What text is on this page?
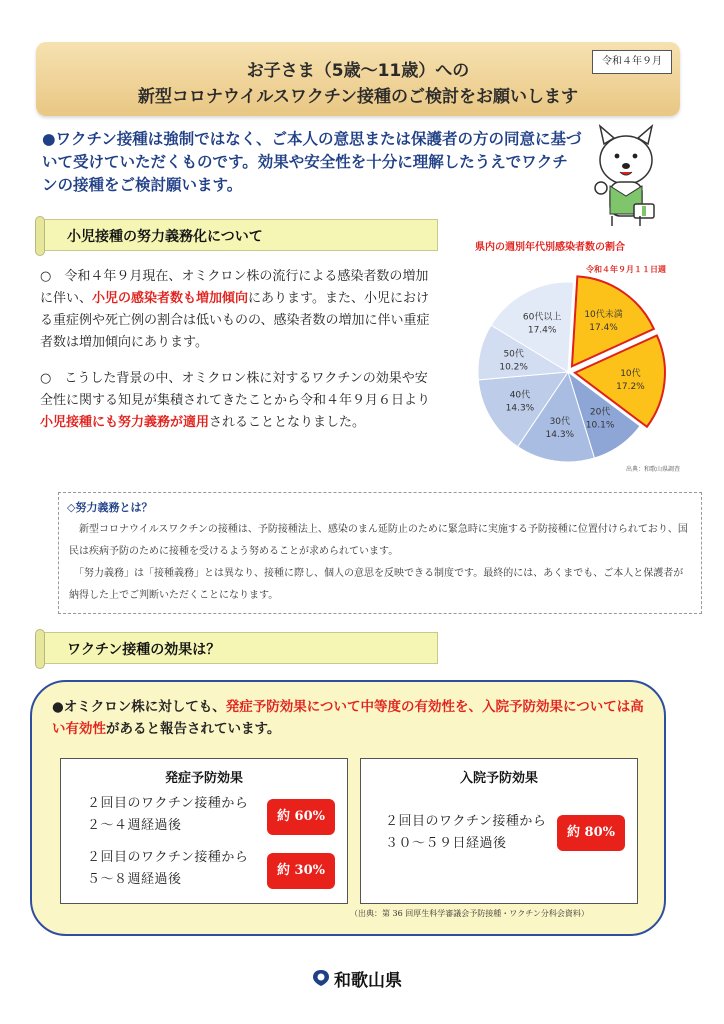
お子さま（5歳～11歳）への
新型コロナウイルスワクチン接種のご検討をお願いします
令和４年９月
●ワクチン接種は強制ではなく、ご本人の意思または保護者の方の同意に基づいて受けていただくものです。効果や安全性を十分に理解したうえでワクチンの接種をご検討願います。
小児接種の努力義務化について
○　令和４年９月現在、オミクロン株の流行による感染者数の増加に伴い、小児の感染者数も増加傾向にあります。また、小児における重症例や死亡例の割合は低いものの、感染者数の増加に伴い重症者数は増加傾向にあります。
○　こうした背景の中、オミクロン株に対するワクチンの効果や安全性に関する知見が集積されてきたことから令和４年９月６日より小児接種にも努力義務が適用されることとなりました。
県内の週別年代別感染者数の割合
令和４年９月１１日週
10代未満
17.4%
10代
17.2%
20代
10.1%
30代
14.3%
40代
14.3%
50代
10.2%
60代以上
17.4%
出典：和歌山県調査
◇努力義務とは？
　新型コロナウイルスワクチンの接種は、予防接種法上、感染のまん延防止のために緊急時に実施する予防接種に位置付けられており、国民は疾病予防のために接種を受けるよう努めることが求められています。
　「努力義務」は「接種義務」とは異なり、接種に際し、個人の意思を反映できる制度です。最終的には、あくまでも、ご本人と保護者が納得した上でご判断いただくことになります。
ワクチン接種の効果は？
●オミクロン株に対しても、発症予防効果について中等度の有効性を、入院予防効果については高い有効性があると報告されています。
発症予防効果
２回目のワクチン接種から
２～４週経過後
約 60%
２回目のワクチン接種から
５～８週経過後
約 30%
入院予防効果
２回目のワクチン接種から
３０～５９日経過後
約 80%
（出典：第 36 回厚生科学審議会予防接種・ワクチン分科会資料）
和歌山県
